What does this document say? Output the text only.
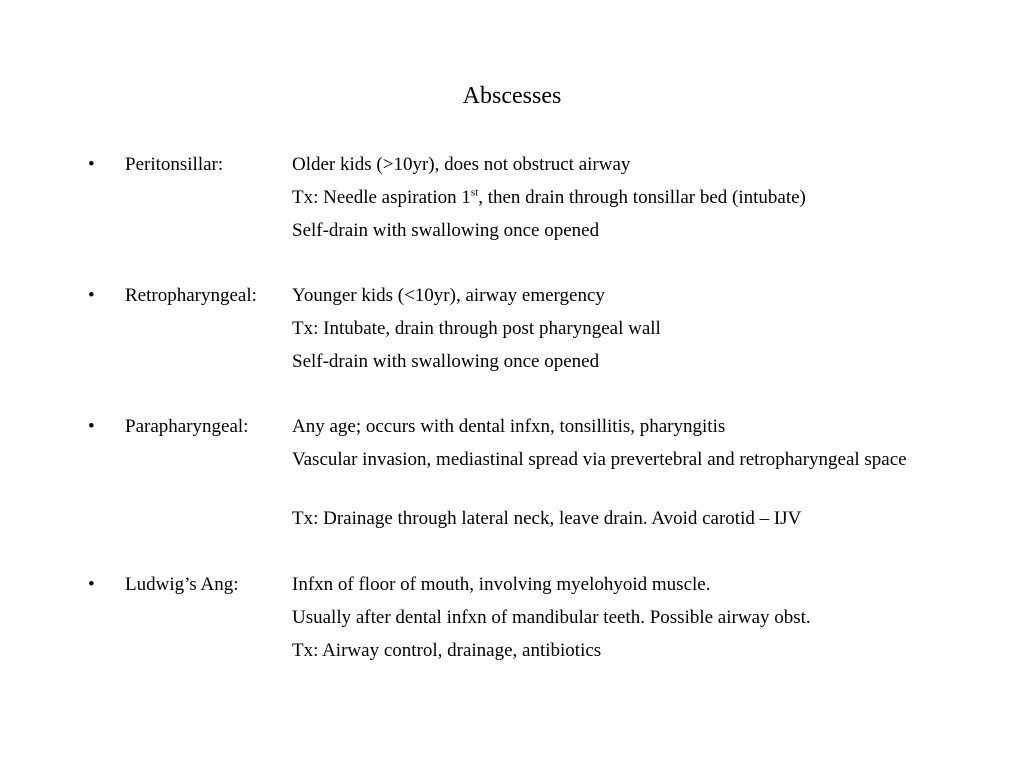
Abscesses
•	Peritonsillar:	Older kids (>10yr), does not obstruct airway
Tx: Needle aspiration 1st, then drain through tonsillar bed (intubate)
Self-drain with swallowing once opened
•	Retropharyngeal: Younger kids (<10yr), airway emergency
Tx: Intubate, drain through post pharyngeal wall
Self-drain with swallowing once opened
•	Parapharyngeal: Any age; occurs with dental infxn, tonsillitis, pharyngitis
Vascular invasion, mediastinal spread via prevertebral and retropharyngeal space
Tx: Drainage through lateral neck, leave drain. Avoid carotid – IJV
•	Ludwig’s Ang:	Infxn of floor of mouth, involving myelohyoid muscle.
Usually after dental infxn of mandibular teeth. Possible airway obst.
Tx: Airway control, drainage, antibiotics
